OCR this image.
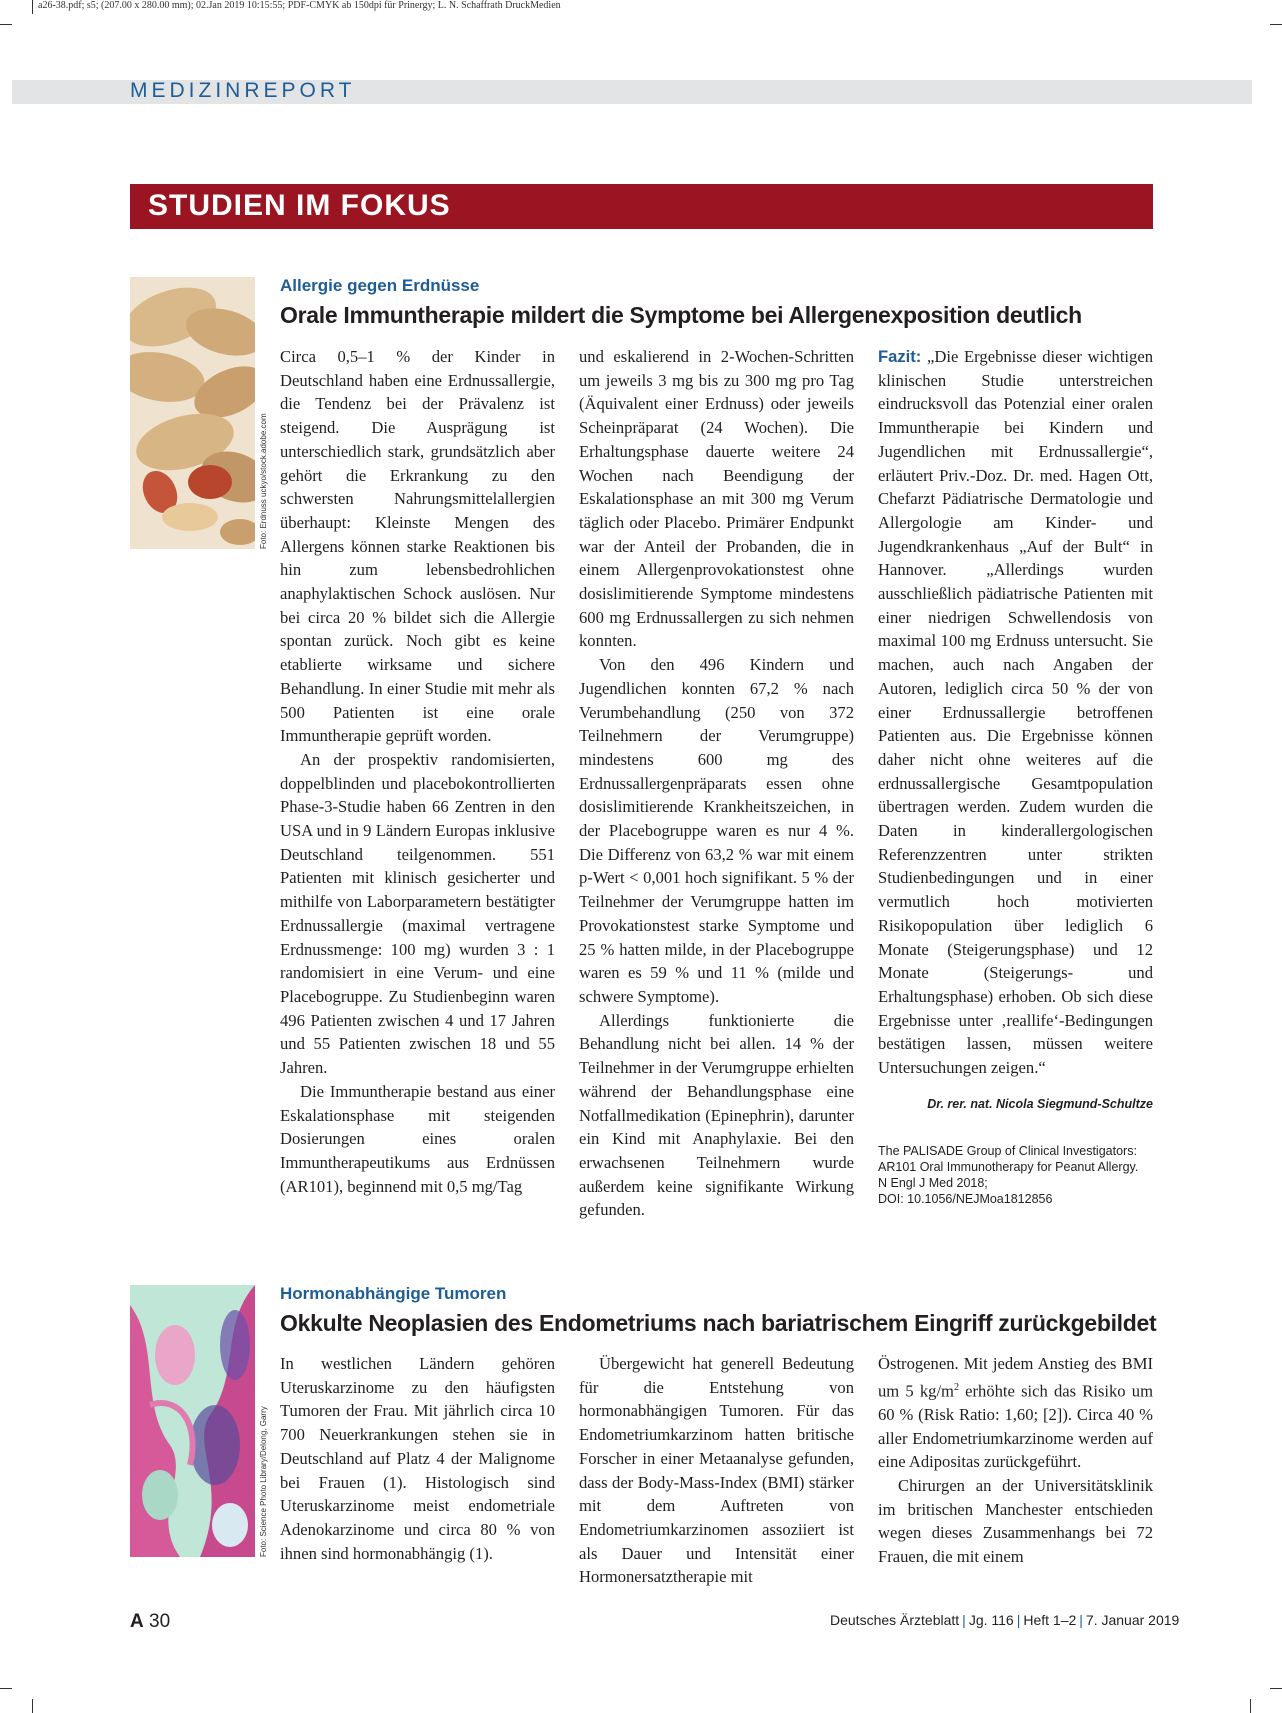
a26-38.pdf; s5; (207.00 x 280.00 mm); 02.Jan 2019 10:15:55; PDF-CMYK ab 150dpi für Prinergy; L. N. Schaffrath DruckMedien
MEDIZINREPORT
STUDIEN IM FOKUS
Foto: Erdnuss uckyo/stock.adobe.com
Allergie gegen Erdnüsse
Orale Immuntherapie mildert die Symptome bei Allergenexposition deutlich

Circa 0,5–1 % der Kinder in Deutschland haben eine Erdnussallergie, die Tendenz bei der Prävalenz ist steigend. Die Ausprägung ist unterschiedlich stark, grundsätzlich aber gehört die Erkrankung zu den schwersten Nahrungsmittelallergien überhaupt: Kleinste Mengen des Allergens können starke Reaktionen bis hin zum lebensbedrohlichen anaphylaktischen Schock auslösen. Nur bei circa 20 % bildet sich die Allergie spontan zurück. Noch gibt es keine etablierte wirksame und sichere Behandlung. In einer Studie mit mehr als 500 Patienten ist eine orale Immuntherapie geprüft worden.

An der prospektiv randomisierten, doppelblinden und placebokontrollierten Phase-3-Studie haben 66 Zentren in den USA und in 9 Ländern Europas inklusive Deutschland teilgenommen. 551 Patienten mit klinisch gesicherter und mithilfe von Laborparametern bestätigter Erdnussallergie (maximal vertragene Erdnussmenge: 100 mg) wurden 3 : 1 randomisiert in eine Verum- und eine Placebogruppe. Zu Studienbeginn waren 496 Patienten zwischen 4 und 17 Jahren und 55 Patienten zwischen 18 und 55 Jahren.

Die Immuntherapie bestand aus einer Eskalationsphase mit steigenden Dosierungen eines oralen Immuntherapeutikums aus Erdnüssen (AR101), beginnend mit 0,5 mg/Tag

und eskalierend in 2-Wochen-Schritten um jeweils 3 mg bis zu 300 mg pro Tag (Äquivalent einer Erdnuss) oder jeweils Scheinpräparat (24 Wochen). Die Erhaltungsphase dauerte weitere 24 Wochen nach Beendigung der Eskalationsphase an mit 300 mg Verum täglich oder Placebo. Primärer Endpunkt war der Anteil der Probanden, die in einem Allergenprovokationstest ohne dosislimitierende Symptome mindestens 600 mg Erdnussallergen zu sich nehmen konnten.

Von den 496 Kindern und Jugendlichen konnten 67,2 % nach Verumbehandlung (250 von 372 Teilnehmern der Verumgruppe) mindestens 600 mg des Erdnussallergenpräparats essen ohne dosislimitierende Krankheitszeichen, in der Placebogruppe waren es nur 4 %. Die Differenz von 63,2 % war mit einem p-Wert < 0,001 hoch signifikant. 5 % der Teilnehmer der Verumgruppe hatten im Provokationstest starke Symptome und 25 % hatten milde, in der Placebogruppe waren es 59 % und 11 % (milde und schwere Symptome).

Allerdings funktionierte die Behandlung nicht bei allen. 14 % der Teilnehmer in der Verumgruppe erhielten während der Behandlungsphase eine Notfallmedikation (Epinephrin), darunter ein Kind mit Anaphylaxie. Bei den erwachsenen Teilnehmern wurde außerdem keine signifikante Wirkung gefunden.

Fazit: „Die Ergebnisse dieser wichtigen klinischen Studie unterstreichen eindrucksvoll das Potenzial einer oralen Immuntherapie bei Kindern und Jugendlichen mit Erdnussallergie“, erläutert Priv.-Doz. Dr. med. Hagen Ott, Chefarzt Pädiatrische Dermatologie und Allergologie am Kinder- und Jugendkrankenhaus „Auf der Bult“ in Hannover. „Allerdings wurden ausschließlich pädiatrische Patienten mit einer niedrigen Schwellendosis von maximal 100 mg Erdnuss untersucht. Sie machen, auch nach Angaben der Autoren, lediglich circa 50 % der von einer Erdnussallergie betroffenen Patienten aus. Die Ergebnisse können daher nicht ohne weiteres auf die erdnussallergische Gesamtpopulation übertragen werden. Zudem wurden die Daten in kinderallergologischen Referenzzentren unter strikten Studienbedingungen und in einer vermutlich hoch motivierten Risikopopulation über lediglich 6 Monate (Steigerungsphase) und 12 Monate (Steigerungs- und Erhaltungsphase) erhoben. Ob sich diese Ergebnisse unter ‚reallife‘-Bedingungen bestätigen lassen, müssen weitere Untersuchungen zeigen.“

Dr. rer. nat. Nicola Siegmund-Schultze
The PALISADE Group of Clinical Investigators:
AR101 Oral Immunotherapy for Peanut Allergy.
N Engl J Med 2018;
DOI: 10.1056/NEJMoa1812856
Foto: Science Photo Library/Delong, Garry
Hormonabhängige Tumoren
Okkulte Neoplasien des Endometriums nach bariatrischem Eingriff zurückgebildet

In westlichen Ländern gehören Uteruskarzinome zu den häufigsten Tumoren der Frau. Mit jährlich circa 10 700 Neuerkrankungen stehen sie in Deutschland auf Platz 4 der Malignome bei Frauen (1). Histologisch sind Uteruskarzinome meist endometriale Adenokarzinome und circa 80 % von ihnen sind hormonabhängig (1).

Übergewicht hat generell Bedeutung für die Entstehung von hormonabhängigen Tumoren. Für das Endometriumkarzinom hatten britische Forscher in einer Metaanalyse gefunden, dass der Body-Mass-Index (BMI) stärker mit dem Auftreten von Endometriumkarzinomen assoziiert ist als Dauer und Intensität einer Hormonersatztherapie mit

Östrogenen. Mit jedem Anstieg des BMI um 5 $kg/m^2$ erhöhte sich das Risiko um 60 % (Risk Ratio: 1,60; [2]). Circa 40 % aller Endometriumkarzinome werden auf eine Adipositas zurückgeführt.

Chirurgen an der Universitätsklinik im britischen Manchester entschieden wegen dieses Zusammenhangs bei 72 Frauen, die mit einem

A 30	Deutsches Ärzteblatt | Jg. 116 | Heft 1–2 | 7. Januar 2019
